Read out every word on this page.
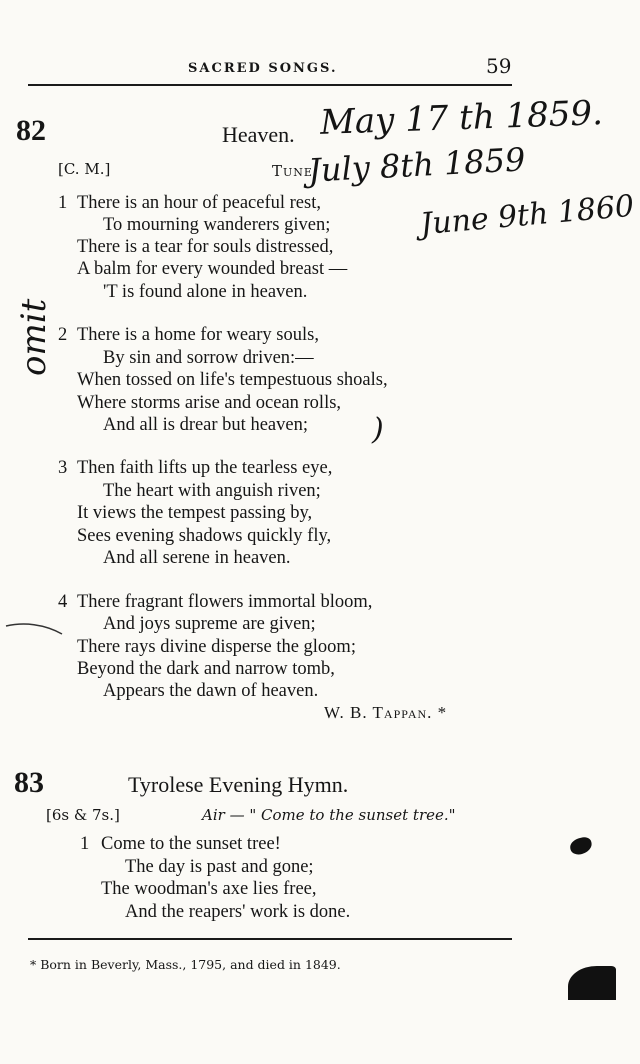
SACRED SONGS.	59
82	Heaven.
[C. M.]	Tune
May 17 th 1859.
July 8th 1859
June 9th 1860
omit
1 There is an hour of peaceful rest,
To mourning wanderers given;
There is a tear for souls distressed,
A balm for every wounded breast —
'T is found alone in heaven.
2 There is a home for weary souls,
By sin and sorrow driven:—
When tossed on life's tempestuous shoals,
Where storms arise and ocean rolls,
And all is drear but heaven; )
3 Then faith lifts up the tearless eye,
The heart with anguish riven;
It views the tempest passing by,
Sees evening shadows quickly fly,
And all serene in heaven.
4 There fragrant flowers immortal bloom,
And joys supreme are given;
There rays divine disperse the gloom;
Beyond the dark and narrow tomb,
Appears the dawn of heaven.
W. B. Tappan. *
83	Tyrolese Evening Hymn.
[6s & 7s.]	Air — " Come to the sunset tree."
1 Come to the sunset tree!
The day is past and gone;
The woodman's axe lies free,
And the reapers' work is done.
* Born in Beverly, Mass., 1795, and died in 1849.
